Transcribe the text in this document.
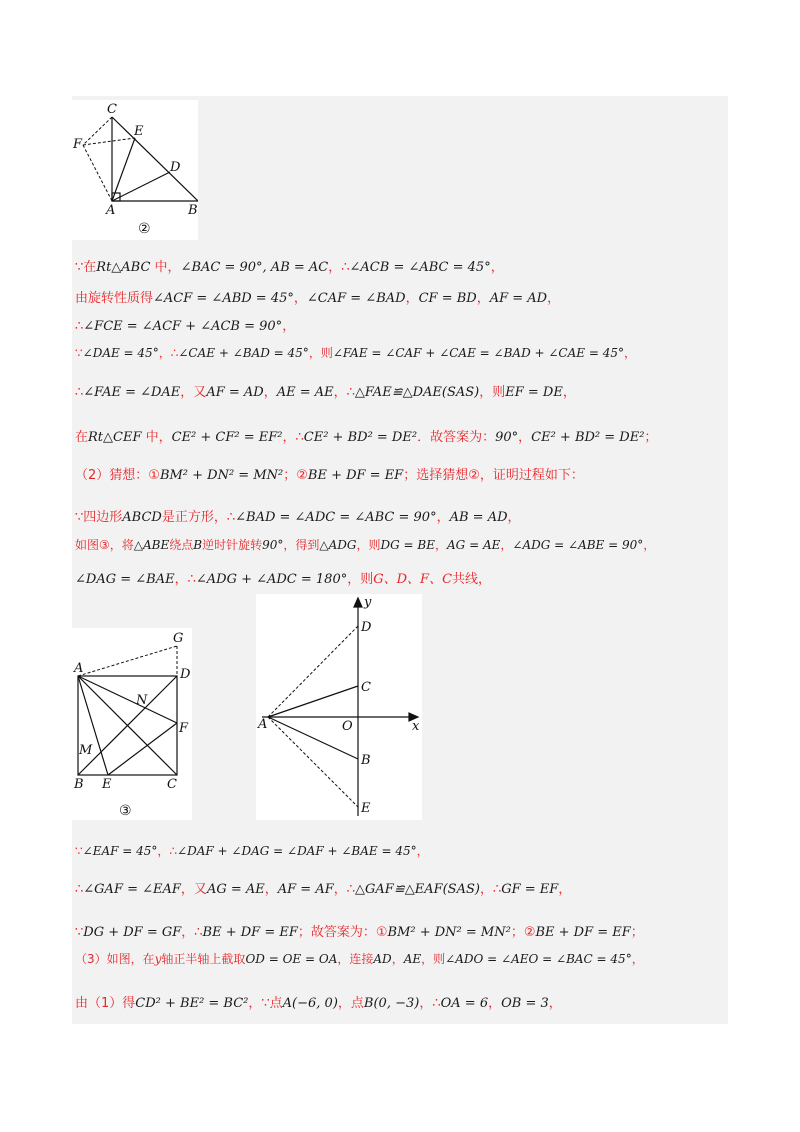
C
E
F
D
A	B
②
G
A	D
N
F
M
B E	C
③
y
D
C
A	O	x
B
E
∵在Rt△ABC 中，∠BAC = 90°, AB = AC，∴∠ACB = ∠ABC = 45°，
由旋转性质得∠ACF = ∠ABD = 45°，∠CAF = ∠BAD，CF = BD，AF = AD，
∴∠FCE = ∠ACF + ∠ACB = 90°，
∵∠DAE = 45°，∴∠CAE + ∠BAD = 45°，则∠FAE = ∠CAF + ∠CAE = ∠BAD + ∠CAE = 45°，
∴∠FAE = ∠DAE，又AF = AD，AE = AE，∴△FAE≌△DAE(SAS)，则EF = DE，
在Rt△CEF 中，CE² + CF² = EF²，∴CE² + BD² = DE²．故答案为：90°，CE² + BD² = DE²；
（2）猜想：①BM² + DN² = MN²；②BE + DF = EF；选择猜想②，证明过程如下：
∵四边形ABCD是正方形，∴∠BAD = ∠ADC = ∠ABC = 90°，AB = AD，
如图③，将△ABE绕点B逆时针旋转90°，得到△ADG，则DG = BE，AG = AE，∠ADG = ∠ABE = 90°，
∠DAG = ∠BAE，∴∠ADG + ∠ADC = 180°，则G、D、F、C共线，
∵∠EAF = 45°，∴∠DAF + ∠DAG = ∠DAF + ∠BAE = 45°，
∴∠GAF = ∠EAF，又AG = AE，AF = AF，∴△GAF≌△EAF(SAS)，∴GF = EF，
∵DG + DF = GF，∴BE + DF = EF；故答案为：①BM² + DN² = MN²；②BE + DF = EF；
（3）如图，在y轴正半轴上截取OD = OE = OA，连接AD，AE，则∠ADO = ∠AEO = ∠BAC = 45°，
由（1）得CD² + BE² = BC²，∵点A(−6, 0)，点B(0, −3)，∴OA = 6，OB = 3，
